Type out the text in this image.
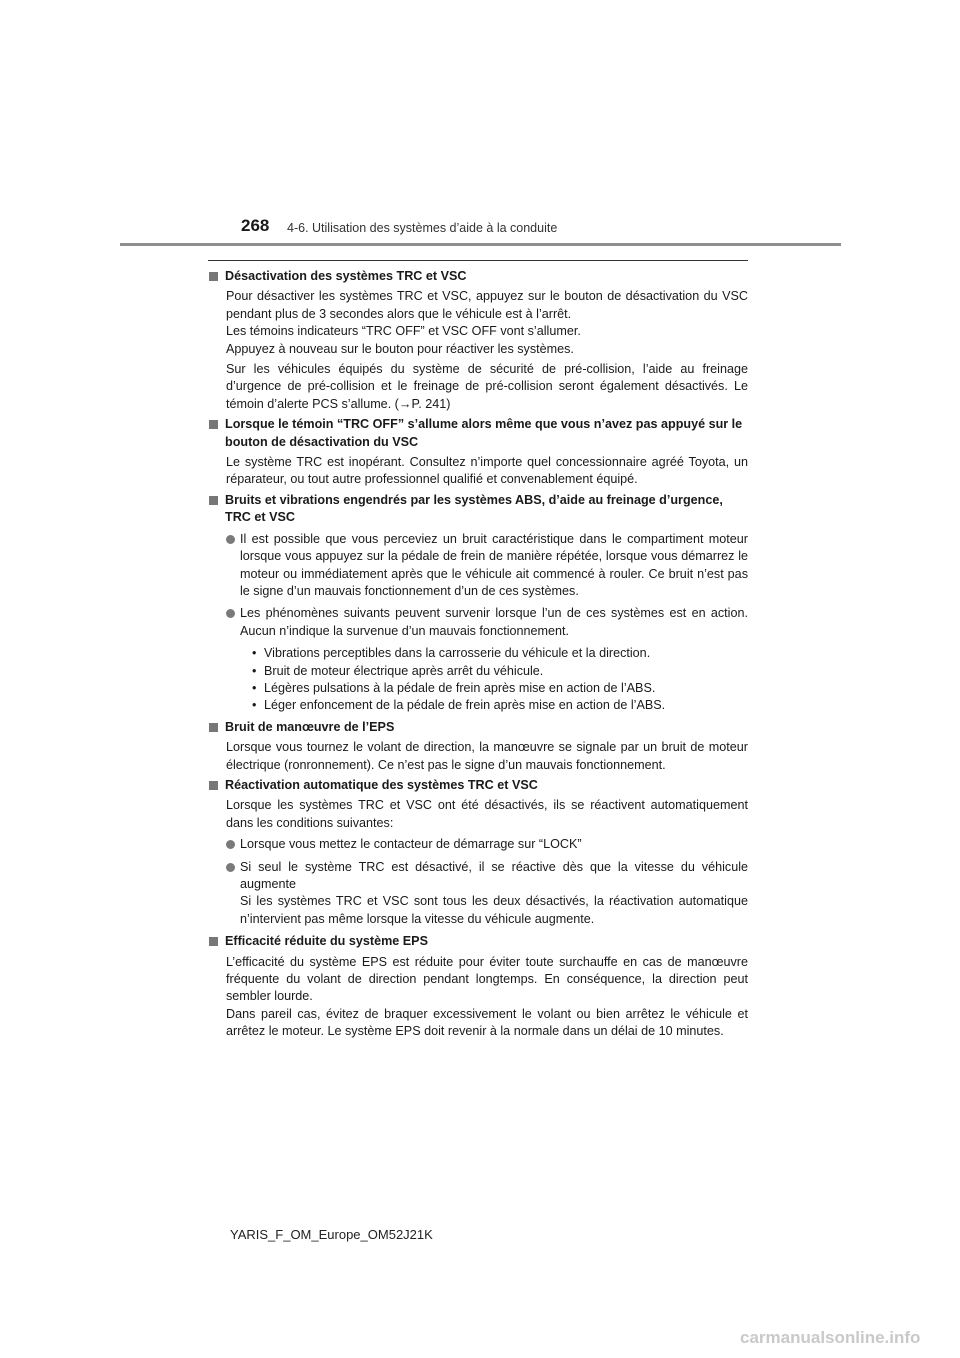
268 4-6. Utilisation des systèmes d’aide à la conduite
Désactivation des systèmes TRC et VSC

Pour désactiver les systèmes TRC et VSC, appuyez sur le bouton de désactivation du VSC pendant plus de 3 secondes alors que le véhicule est à l’arrêt.
Les témoins indicateurs “TRC OFF” et VSC OFF vont s’allumer.
Appuyez à nouveau sur le bouton pour réactiver les systèmes.

Sur les véhicules équipés du système de sécurité de pré-collision, l’aide au freinage d’urgence de pré-collision et le freinage de pré-collision seront également désactivés. Le témoin d’alerte PCS s’allume. (→P. 241)

Lorsque le témoin “TRC OFF” s’allume alors même que vous n’avez pas appuyé sur le bouton de désactivation du VSC

Le système TRC est inopérant. Consultez n’importe quel concessionnaire agréé Toyota, un réparateur, ou tout autre professionnel qualifié et convenablement équipé.

Bruits et vibrations engendrés par les systèmes ABS, d’aide au freinage d’urgence, TRC et VSC
Il est possible que vous perceviez un bruit caractéristique dans le compartiment moteur lorsque vous appuyez sur la pédale de frein de manière répétée, lorsque vous démarrez le moteur ou immédiatement après que le véhicule ait commencé à rouler. Ce bruit n’est pas le signe d’un mauvais fonctionnement d’un de ces systèmes.
Les phénomènes suivants peuvent survenir lorsque l’un de ces systèmes est en action. Aucun n’indique la survenue d’un mauvais fonctionnement.
• Vibrations perceptibles dans la carrosserie du véhicule et la direction.
• Bruit de moteur électrique après arrêt du véhicule.
• Légères pulsations à la pédale de frein après mise en action de l’ABS.
• Léger enfoncement de la pédale de frein après mise en action de l’ABS.
Bruit de manœuvre de l’EPS

Lorsque vous tournez le volant de direction, la manœuvre se signale par un bruit de moteur électrique (ronronnement). Ce n’est pas le signe d’un mauvais fonctionnement.

Réactivation automatique des systèmes TRC et VSC

Lorsque les systèmes TRC et VSC ont été désactivés, ils se réactivent automatiquement dans les conditions suivantes:

Lorsque vous mettez le contacteur de démarrage sur “LOCK”
Si seul le système TRC est désactivé, il se réactive dès que la vitesse du véhicule augmente
Si les systèmes TRC et VSC sont tous les deux désactivés, la réactivation automatique n’intervient pas même lorsque la vitesse du véhicule augmente.
Efficacité réduite du système EPS

L’efficacité du système EPS est réduite pour éviter toute surchauffe en cas de manœuvre fréquente du volant de direction pendant longtemps. En conséquence, la direction peut sembler lourde.
Dans pareil cas, évitez de braquer excessivement le volant ou bien arrêtez le véhicule et arrêtez le moteur. Le système EPS doit revenir à la normale dans un délai de 10 minutes.

YARIS_F_OM_Europe_OM52J21K
carmanualsonline.info
